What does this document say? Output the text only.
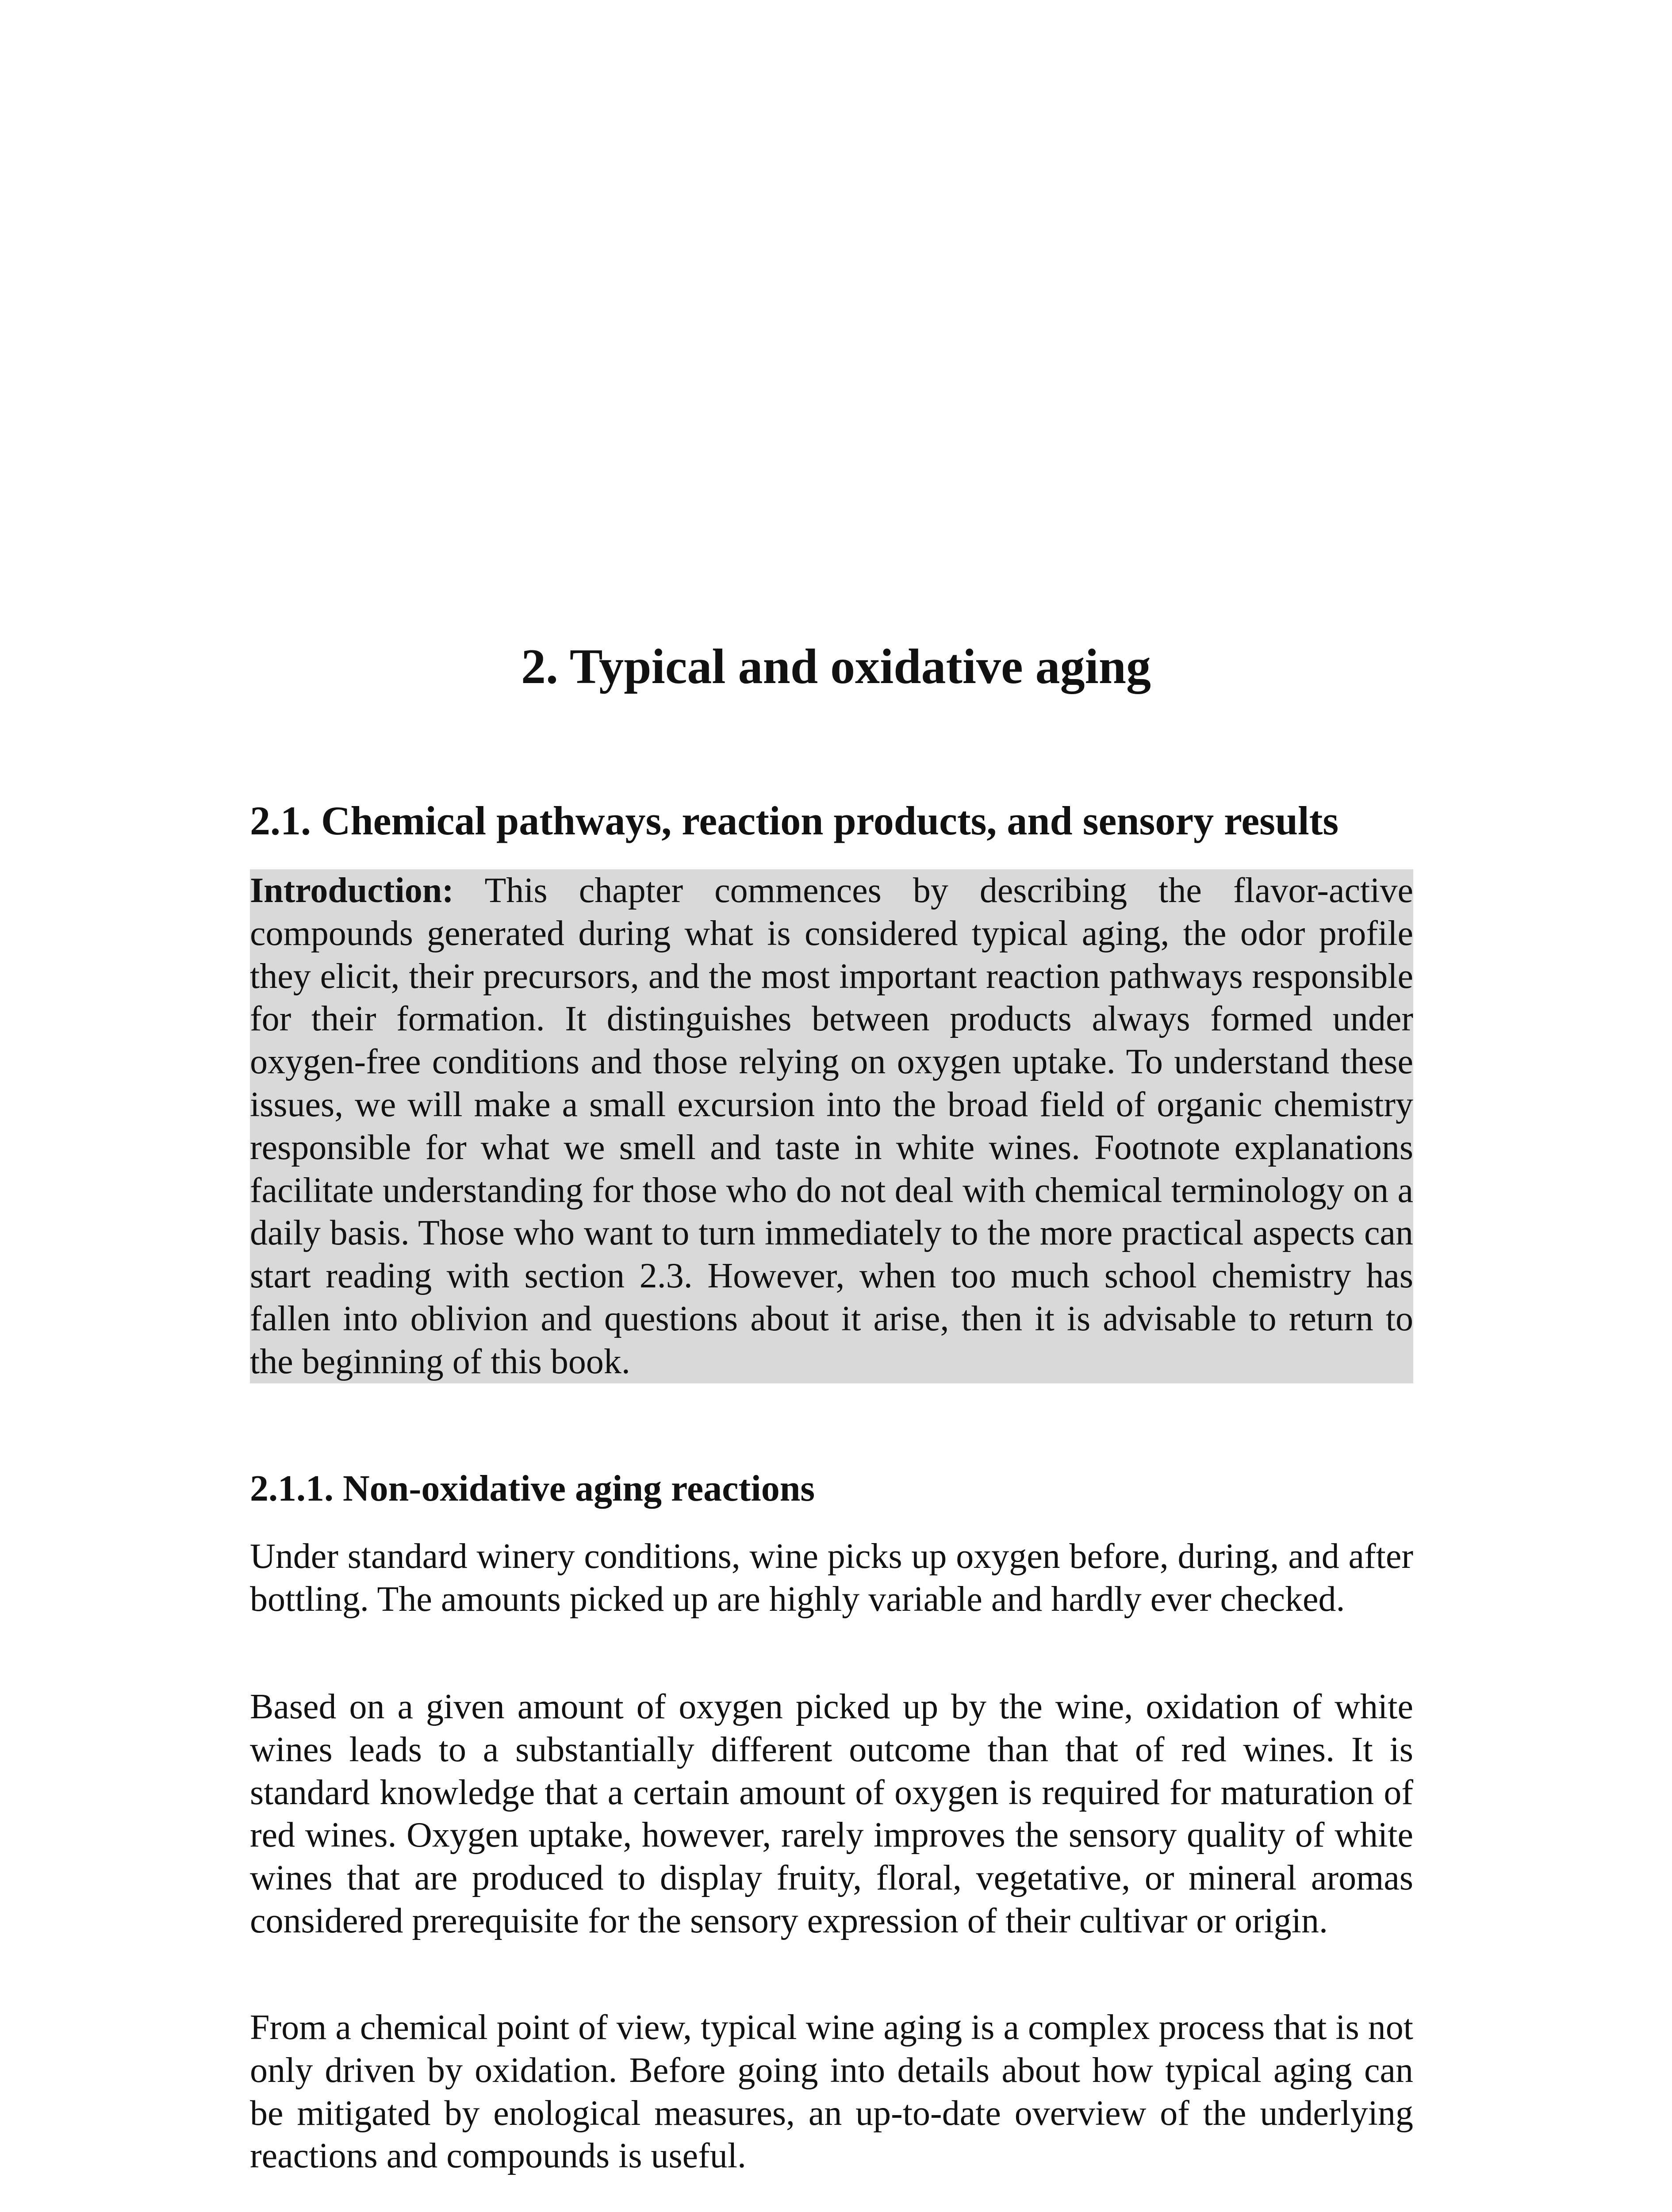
2. Typical and oxidative aging
2.1. Chemical pathways, reaction products, and sensory results

Introduction: This chapter commences by describing the flavor-active compounds generated during what is considered typical aging, the odor profile they elicit, their precursors, and the most important reaction pathways responsible for their formation. It distinguishes between products always formed under oxygen-free conditions and those relying on oxygen uptake. To understand these issues, we will make a small excursion into the broad field of organic chemistry responsible for what we smell and taste in white wines. Footnote explanations facilitate understanding for those who do not deal with chemical terminology on a daily basis. Those who want to turn immediately to the more practical aspects can start reading with section 2.3. However, when too much school chemistry has fallen into oblivion and questions about it arise, then it is advisable to return to the beginning of this book.

2.1.1. Non-oxidative aging reactions

Under standard winery conditions, wine picks up oxygen before, during, and after bottling. The amounts picked up are highly variable and hardly ever checked.

Based on a given amount of oxygen picked up by the wine, oxidation of white wines leads to a substantially different outcome than that of red wines. It is standard knowledge that a certain amount of oxygen is required for maturation of red wines. Oxygen uptake, however, rarely improves the sensory quality of white wines that are produced to display fruity, floral, vegetative, or mineral aromas considered prerequisite for the sensory expression of their cultivar or origin.

From a chemical point of view, typical wine aging is a complex process that is not only driven by oxidation. Before going into details about how typical aging can be mitigated by enological measures, an up-to-date overview of the underlying reactions and compounds is useful.
